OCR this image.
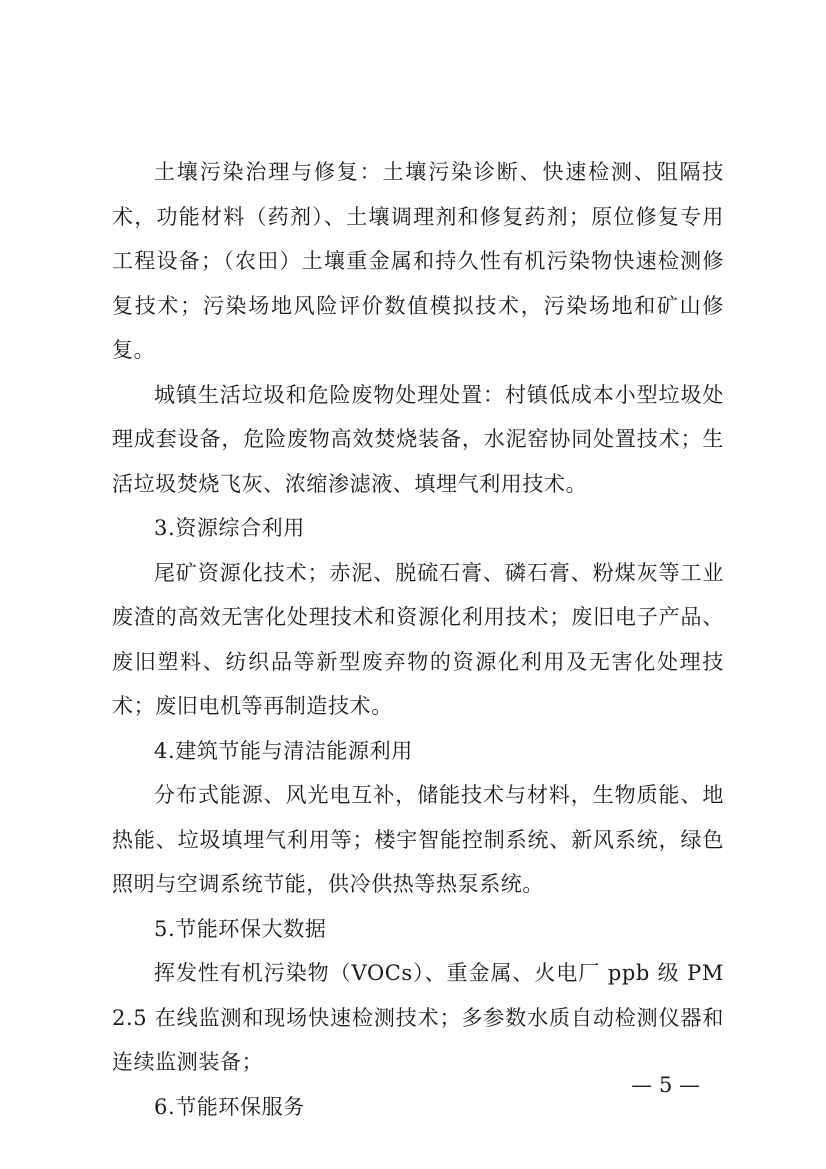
土壤污染治理与修复：土壤污染诊断、快速检测、阻隔技术，功能材料（药剂）、土壤调理剂和修复药剂；原位修复专用工程设备；（农田）土壤重金属和持久性有机污染物快速检测修复技术；污染场地风险评价数值模拟技术，污染场地和矿山修复。

城镇生活垃圾和危险废物处理处置：村镇低成本小型垃圾处理成套设备，危险废物高效焚烧装备，水泥窑协同处置技术；生活垃圾焚烧飞灰、浓缩渗滤液、填埋气利用技术。

3.资源综合利用

尾矿资源化技术；赤泥、脱硫石膏、磷石膏、粉煤灰等工业废渣的高效无害化处理技术和资源化利用技术；废旧电子产品、废旧塑料、纺织品等新型废弃物的资源化利用及无害化处理技术；废旧电机等再制造技术。

4.建筑节能与清洁能源利用

分布式能源、风光电互补，储能技术与材料，生物质能、地热能、垃圾填埋气利用等；楼宇智能控制系统、新风系统，绿色照明与空调系统节能，供冷供热等热泵系统。

5.节能环保大数据

挥发性有机污染物（VOCs）、重金属、火电厂 ppb 级 PM2.5 在线监测和现场快速检测技术；多参数水质自动检测仪器和连续监测装备；

6.节能环保服务

— 5 —
